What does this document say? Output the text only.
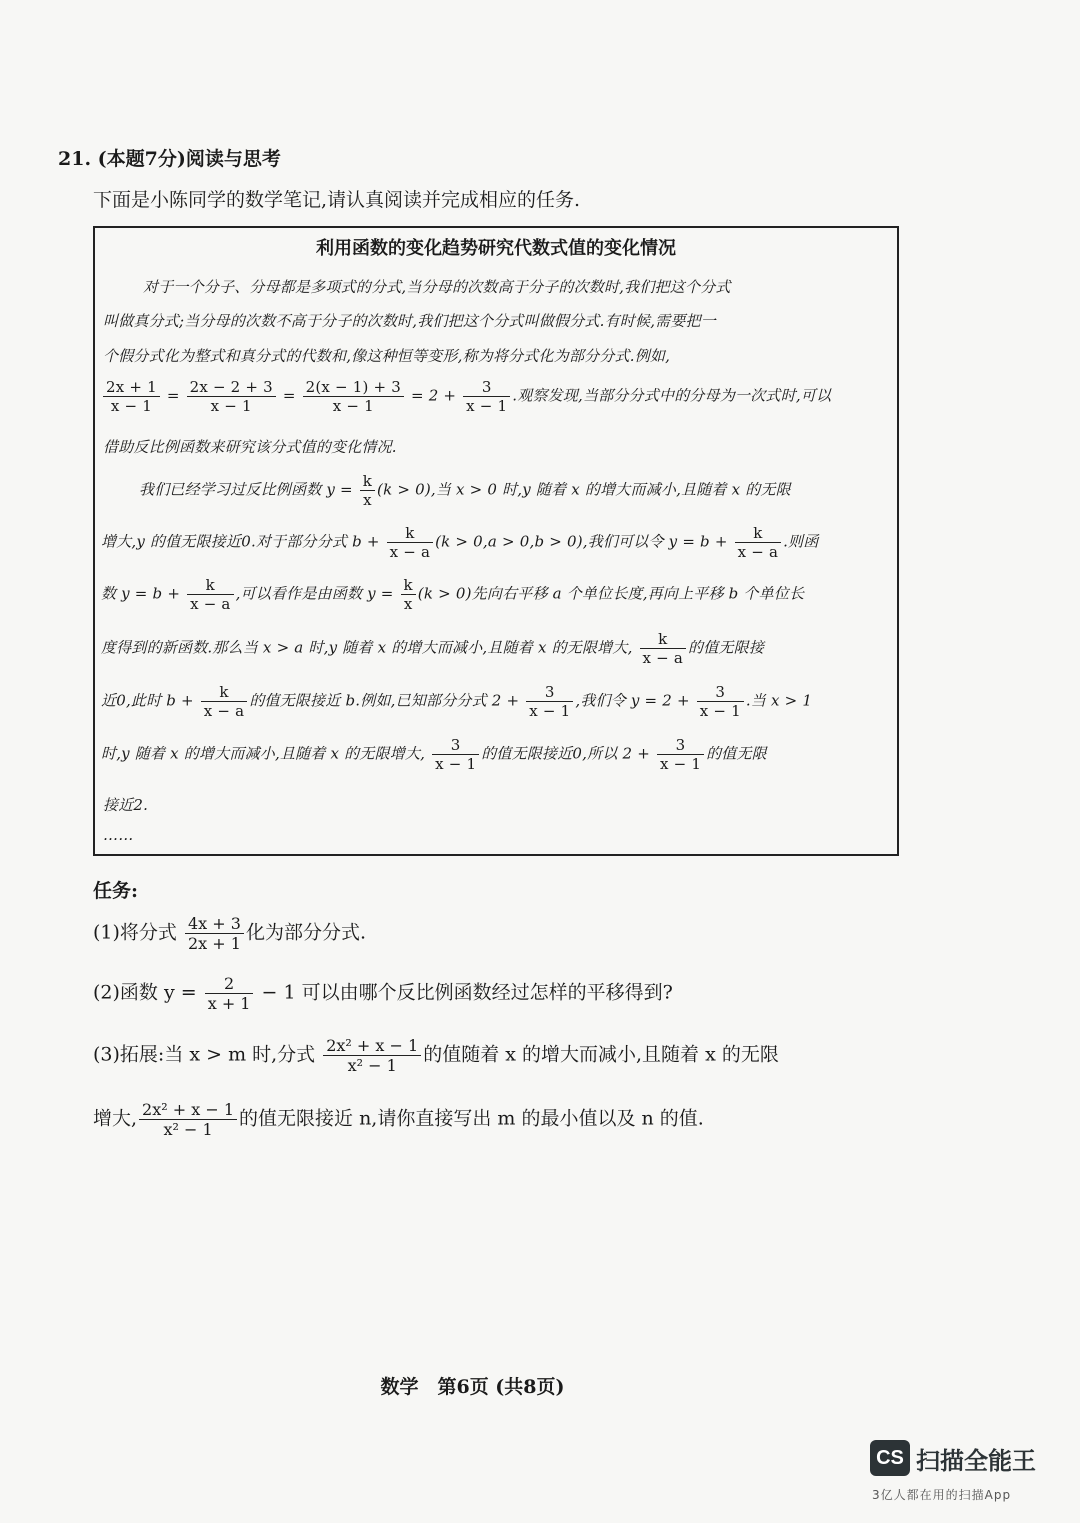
21. (本题7分)阅读与思考
下面是小陈同学的数学笔记,请认真阅读并完成相应的任务.
利用函数的变化趋势研究代数式值的变化情况
对于一个分子、分母都是多项式的分式,当分母的次数高于分子的次数时,我们把这个分式
叫做真分式;当分母的次数不高于分子的次数时,我们把这个分式叫做假分式.有时候,需要把一
个假分式化为整式和真分式的代数和,像这种恒等变形,称为将分式化为部分分式.例如,
$\frac{2x + 1}{x - 1} = \frac{2x - 2 + 3}{x - 1} = \frac{2(x - 1) + 3}{x - 1} = 2 + \frac{3}{x - 1}$ .观察发现,当部分分式中的分母为一次式时,可以
借助反比例函数来研究该分式值的变化情况.
我们已经学习过反比例函数 $y = \frac{k}{x} (k > 0)$,当 x > 0 时,y 随着 x 的增大而减小,且随着 x 的无限
增大,y 的值无限接近0.对于部分分式 $b + \frac{k}{x - a} (k > 0,a > 0,b > 0)$,我们可以令 $y = b + \frac{k}{x - a}$ .则函
数 $y = b + \frac{k}{x - a}$ ,可以看作是由函数 $y = \frac{k}{x} (k > 0)$先向右平移 a 个单位长度,再向上平移 b 个单位长
度得到的新函数.那么当 x > a 时,y 随着 x 的增大而减小,且随着 x 的无限增大, $\frac{k}{x - a}$ 的值无限接
近0,此时 $b + \frac{k}{x - a}$ 的值无限接近 b.例如,已知部分分式 $2 + \frac{3}{x - 1}$ ,我们令 $y = 2 + \frac{3}{x - 1}$ .当 x > 1
时,y 随着 x 的增大而减小,且随着 x 的无限增大, $\frac{3}{x - 1}$ 的值无限接近0,所以 $2 + \frac{3}{x - 1}$ 的值无限
接近2.
……
任务:
(1)将分式 $\frac{4x + 3}{2x + 1}$ 化为部分分式.
(2)函数 $y = \frac{2}{x + 1} - 1$ 可以由哪个反比例函数经过怎样的平移得到?
(3)拓展:当 x > m 时,分式 $\frac{\text{2x² + x − 1}}{\text{x² − 1}}$ 的值随着 x 的增大而减小,且随着 x 的无限
增大, $\frac{\text{2x² + x − 1}}{\text{x² − 1}}$ 的值无限接近 n,请你直接写出 m 的最小值以及 n 的值.
数学　第6页 (共8页)
CS 扫描全能王
3亿人都在用的扫描App
